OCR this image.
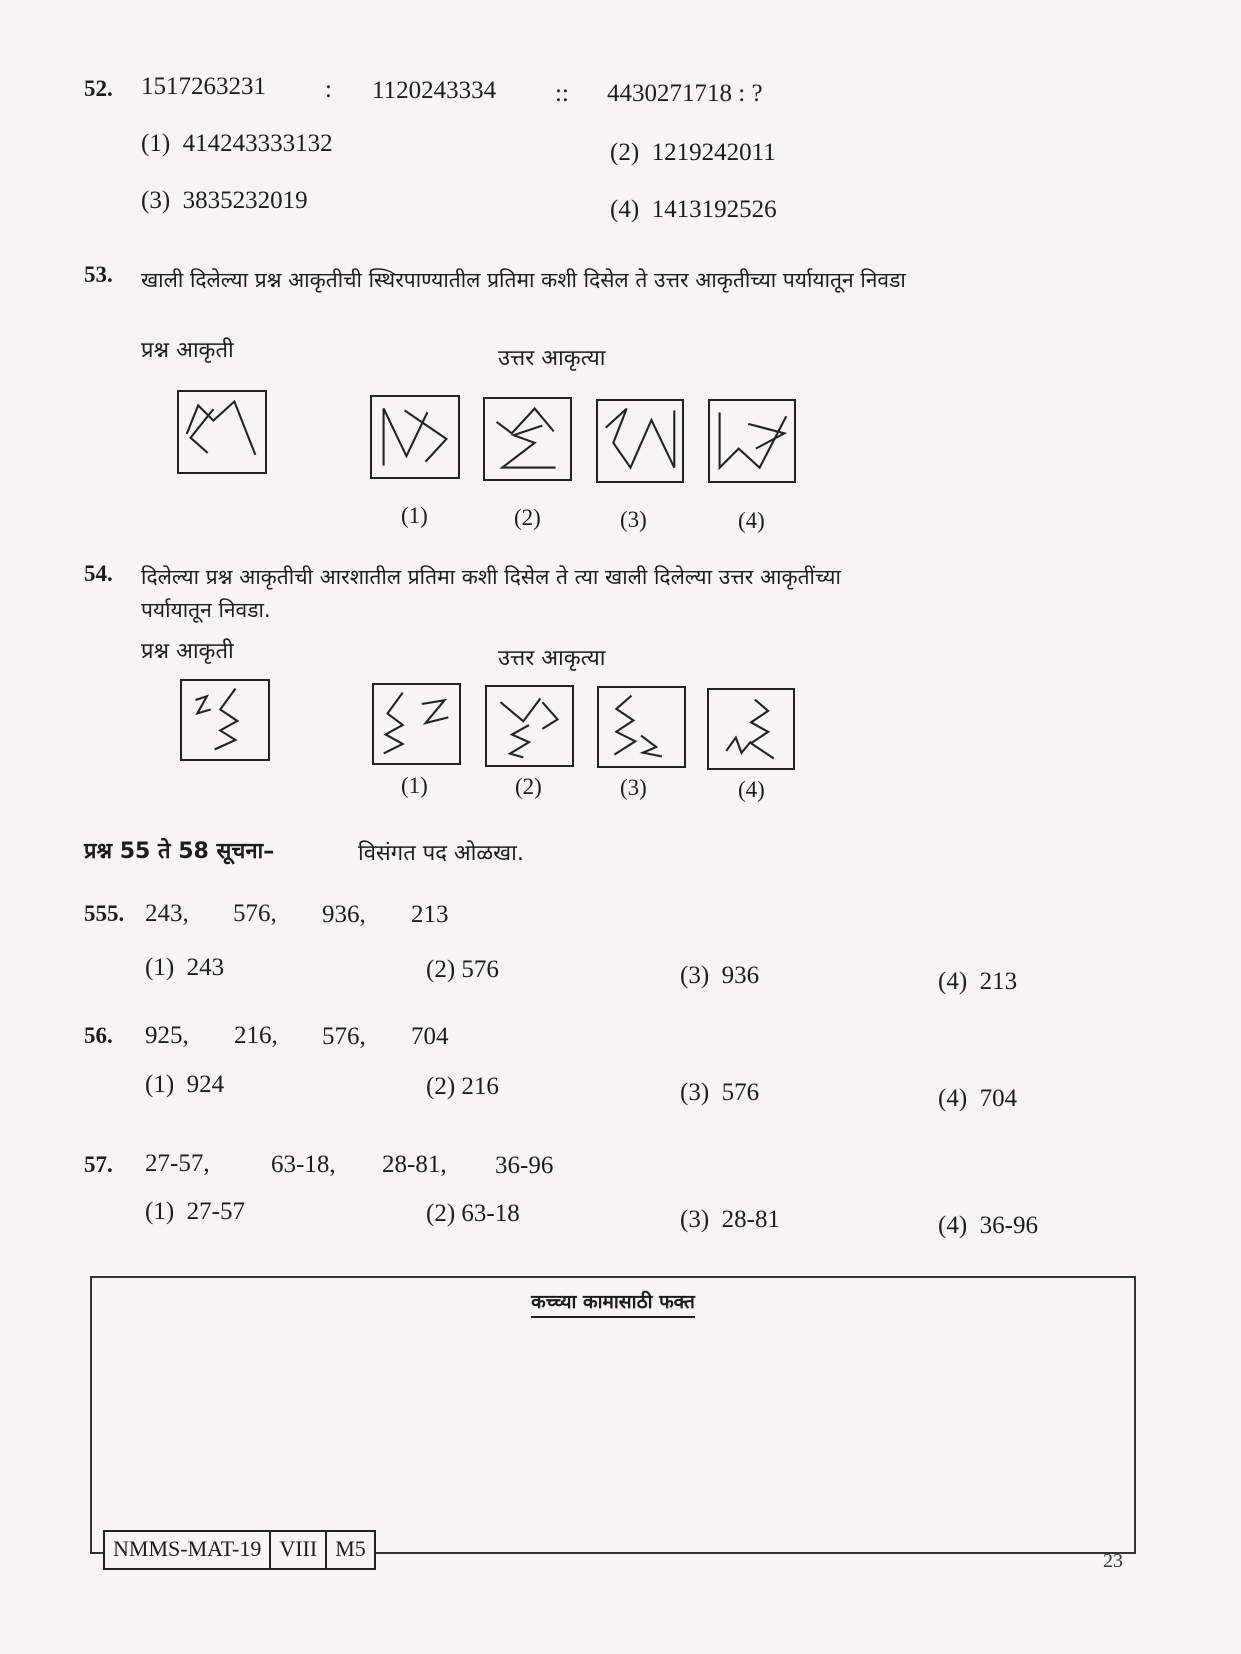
52. 1517263231 : 1120243334 :: 4430271718 : ?
(1) 414243333132	(2) 1219242011
(3) 3835232019	(4) 1413192526
53. खाली दिलेल्या प्रश्न आकृतीची स्थिरपाण्यातील प्रतिमा कशी दिसेल ते उत्तर आकृतीच्या पर्यायातून निवडा
प्रश्न आकृती	उत्तर आकृत्या
(1)	(2)	(3)	(4)
54. दिलेल्या प्रश्न आकृतीची आरशातील प्रतिमा कशी दिसेल ते त्या खाली दिलेल्या उत्तर आकृतींच्या
पर्यायातून निवडा.
प्रश्न आकृती	उत्तर आकृत्या
(1)	(2)	(3)	(4)
प्रश्न 55 ते 58 सूचना–	विसंगत पद ओळखा.
555. 243, 576, 936, 213
(1) 243	(2) 576	(3) 936	(4) 213
56. 925, 216, 576, 704
(1) 924	(2) 216	(3) 576	(4) 704
57. 27-57, 63-18, 28-81, 36-96
(1) 27-57	(2) 63-18	(3) 28-81	(4) 36-96
कच्च्या कामासाठी फक्त
NMMS-MAT-19 VIII M5	23
